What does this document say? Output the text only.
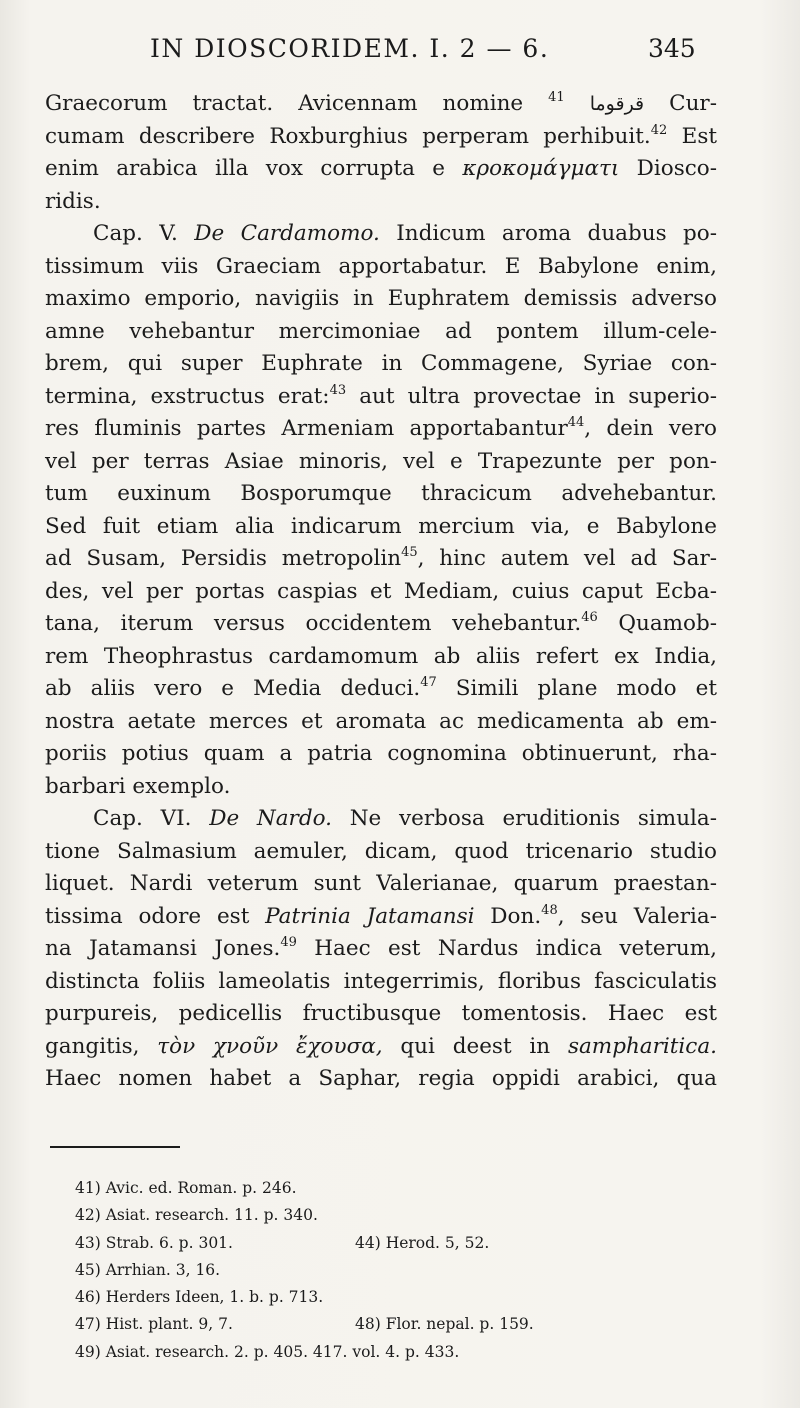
IN DIOSCORIDEM. I. 2 — 6.	345

Graecorum tractat. Avicennam nomine قرقوما $^{41}$	Cur-

cumam describere Roxburghius perperam perhibuit.$^{42}$ Est

enim arabica illa vox corrupta e κροκομάγματι Diosco-

ridis.

Cap. V. De Cardamomo. Indicum aroma duabus po-

tissimum viis Graeciam apportabatur. E Babylone enim,

maximo emporio, navigiis in Euphratem demissis adverso

amne vehebantur mercimoniae ad pontem illum-cele-

brem, qui super Euphrate in Commagene, Syriae con-

termina, exstructus erat:$^{43}$ aut ultra provectae in superio-

res fluminis partes Armeniam apportabantur$^{44}$, dein vero

vel per terras Asiae minoris, vel e Trapezunte per pon-

tum euxinum Bosporumque thracicum advehebantur.

Sed fuit etiam alia indicarum mercium via, e Babylone

ad Susam, Persidis metropolin$^{45}$, hinc autem vel ad Sar-

des, vel per portas caspias et Mediam, cuius caput Ecba-

tana, iterum versus occidentem vehebantur.$^{46}$ Quamob-

rem Theophrastus cardamomum ab aliis refert ex India,

ab aliis vero e Media deduci.$^{47}$ Simili plane modo et

nostra aetate merces et aromata ac medicamenta ab em-

poriis potius quam a patria cognomina obtinuerunt, rha-

barbari exemplo.

Cap. VI. De Nardo. Ne verbosa eruditionis simula-

tione Salmasium aemuler, dicam, quod tricenario studio

liquet. Nardi veterum sunt Valerianae, quarum praestan-

tissima odore est Patrinia Jatamansi Don.$^{48}$, seu Valeria-

na Jatamansi Jones.$^{49}$ Haec est Nardus indica veterum,

distincta foliis lameolatis integerrimis, floribus fasciculatis

purpureis, pedicellis fructibusque tomentosis. Haec est

gangitis, τὸν χνοῦν ἔχουσα, qui deest in sampharitica.

Haec nomen habet a Saphar, regia oppidi arabici, qua

41) Avic. ed. Roman. p. 246.
42) Asiat. research. 11. p. 340.
43) Strab. 6. p. 301.	44) Herod. 5, 52.
45) Arrhian. 3, 16.
46) Herders Ideen, 1. b. p. 713.
47) Hist. plant. 9, 7.	48) Flor. nepal. p. 159.
49) Asiat. research. 2. p. 405. 417. vol. 4. p. 433.
